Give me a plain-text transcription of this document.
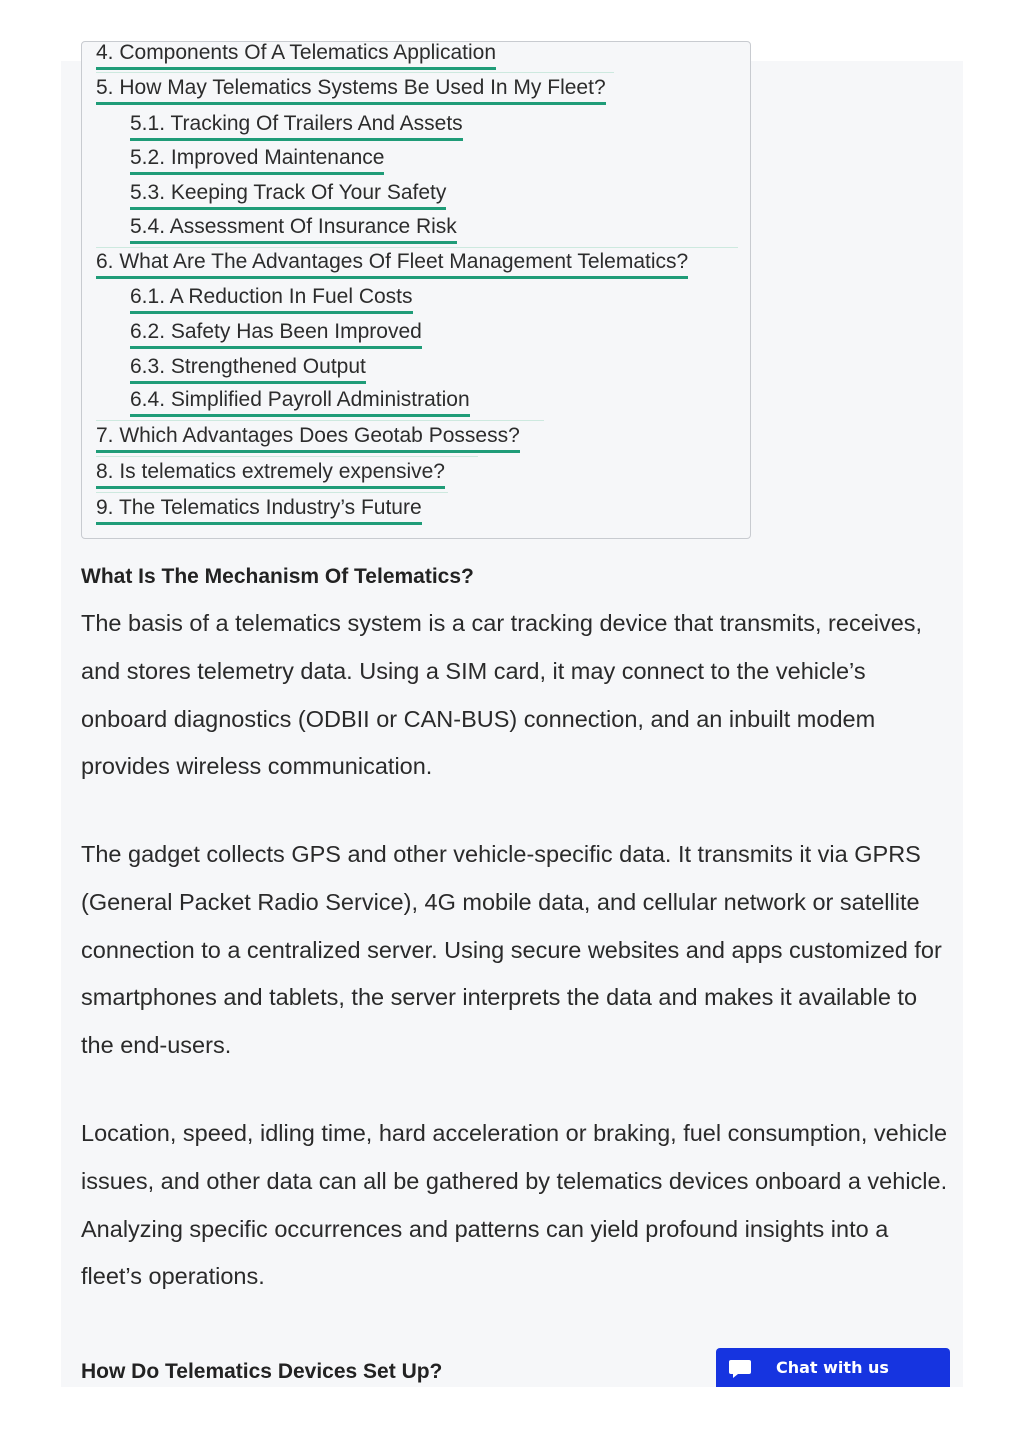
4. Components Of A Telematics Application
5. How May Telematics Systems Be Used In My Fleet?
5.1. Tracking Of Trailers And Assets
5.2. Improved Maintenance
5.3. Keeping Track Of Your Safety
5.4. Assessment Of Insurance Risk
6. What Are The Advantages Of Fleet Management Telematics?
6.1. A Reduction In Fuel Costs
6.2. Safety Has Been Improved
6.3. Strengthened Output
6.4. Simplified Payroll Administration
7. Which Advantages Does Geotab Possess?
8. Is telematics extremely expensive?
9. The Telematics Industry’s Future
What Is The Mechanism Of Telematics?

The basis of a telematics system is a car tracking device that transmits, receives, and stores telemetry data. Using a SIM card, it may connect to the vehicle’s onboard diagnostics (ODBII or CAN-BUS) connection, and an inbuilt modem provides wireless communication.

The gadget collects GPS and other vehicle-specific data. It transmits it via GPRS (General Packet Radio Service), 4G mobile data, and cellular network or satellite connection to a centralized server. Using secure websites and apps customized for smartphones and tablets, the server interprets the data and makes it available to the end-users.

Location, speed, idling time, hard acceleration or braking, fuel consumption, vehicle issues, and other data can all be gathered by telematics devices onboard a vehicle. Analyzing specific occurrences and patterns can yield profound insights into a fleet’s operations.

How Do Telematics Devices Set Up?	Chat with us
